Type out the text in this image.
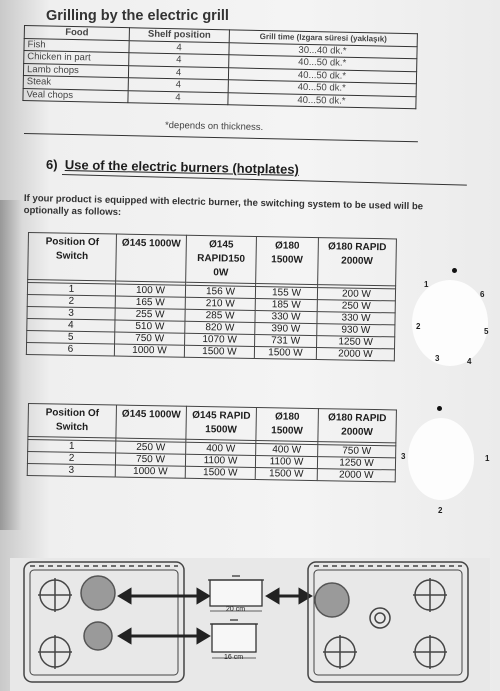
Grilling by the electric grill
Food	Shelf position	Grill time (Izgara süresi (yaklaşık)
Fish	4	30...40 dk.*
Chicken in part	4	40...50 dk.*
Lamb chops	4	40...50 dk.*
Steak	4	40...50 dk.*
Veal chops	4	40...50 dk.*
*depends on thickness.
6) Use of the electric burners (hotplates)
If your product is equipped with electric burner, the switching system to be used will be optionally as follows:
Position Of Switch	Ø145 1000W	Ø145 RAPID150 0W	Ø180 1500W	Ø180 RAPID 2000W

1	100 W	156 W	155 W	200 W
2	165 W	210 W	185 W	250 W
3	255 W	285 W	330 W	330 W
4	510 W	820 W	390 W	930 W
5	750 W	1070 W	731 W	1250 W
6	1000 W	1500 W	1500 W	2000 W
1
6
2
5
3	4
Position Of Switch	Ø145 1000W	Ø145 RAPID 1500W	Ø180 1500W	Ø180 RAPID 2000W

1	250 W	400 W	400 W	750 W
2	750 W	1100 W	1100 W	1250 W
3	1000 W	1500 W	1500 W	2000 W
3	1
2
20 cm
16 cm
